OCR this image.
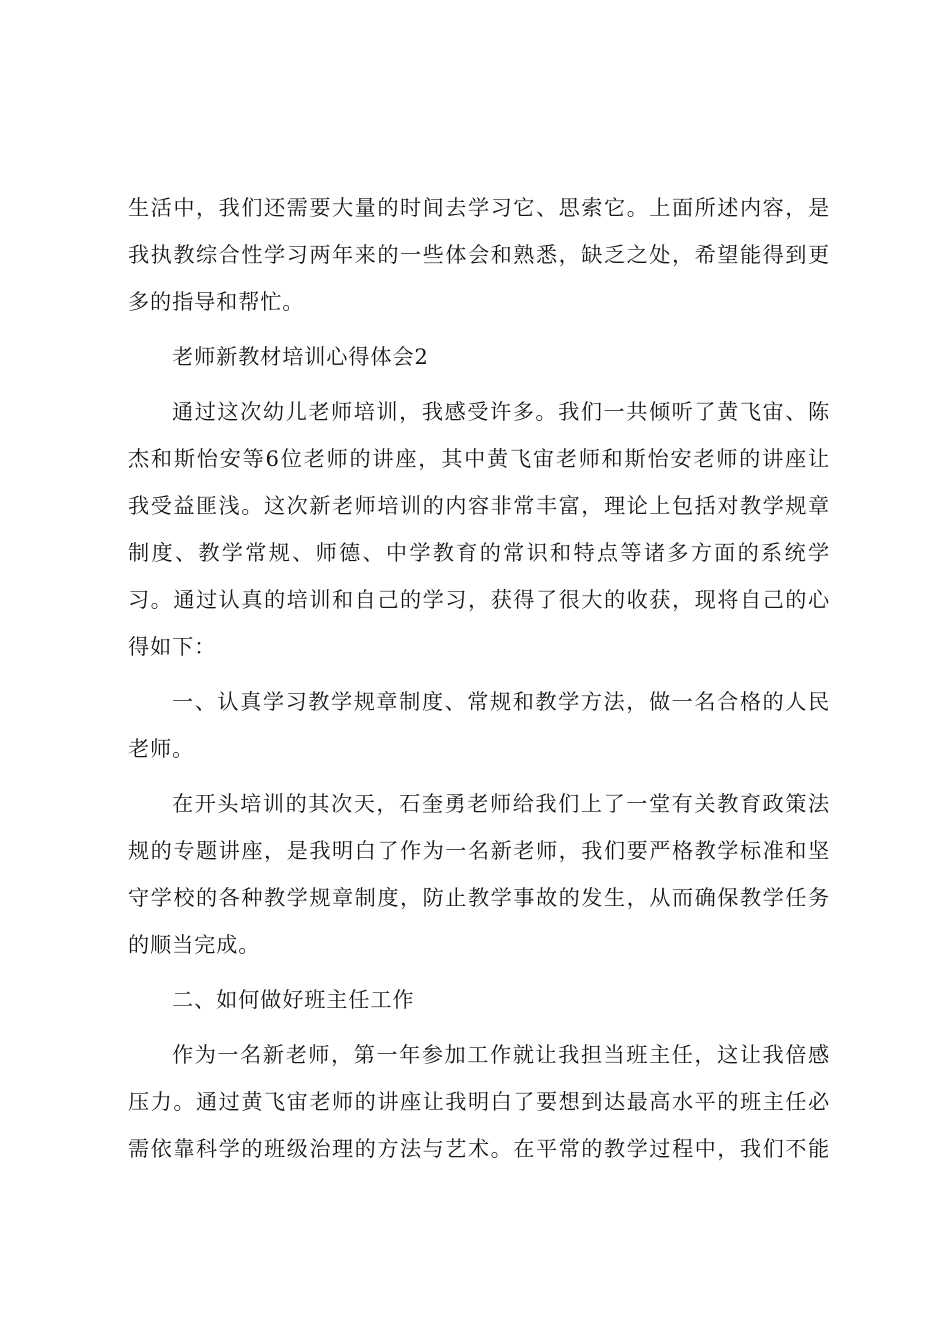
生活中，我们还需要大量的时间去学习它、思索它。上面所述内容，是
我执教综合性学习两年来的一些体会和熟悉，缺乏之处，希望能得到更
多的指导和帮忙。
老师新教材培训心得体会2
通过这次幼儿老师培训，我感受许多。我们一共倾听了黄飞宙、陈
杰和斯怡安等6位老师的讲座，其中黄飞宙老师和斯怡安老师的讲座让
我受益匪浅。这次新老师培训的内容非常丰富，理论上包括对教学规章
制度、教学常规、师德、中学教育的常识和特点等诸多方面的系统学
习。通过认真的培训和自己的学习，获得了很大的收获，现将自己的心
得如下：
一、认真学习教学规章制度、常规和教学方法，做一名合格的人民
老师。
在开头培训的其次天，石奎勇老师给我们上了一堂有关教育政策法
规的专题讲座，是我明白了作为一名新老师，我们要严格教学标准和坚
守学校的各种教学规章制度，防止教学事故的发生，从而确保教学任务
的顺当完成。
二、如何做好班主任工作
作为一名新老师，第一年参加工作就让我担当班主任，这让我倍感
压力。通过黄飞宙老师的讲座让我明白了要想到达最高水平的班主任必
需依靠科学的班级治理的方法与艺术。在平常的教学过程中，我们不能
